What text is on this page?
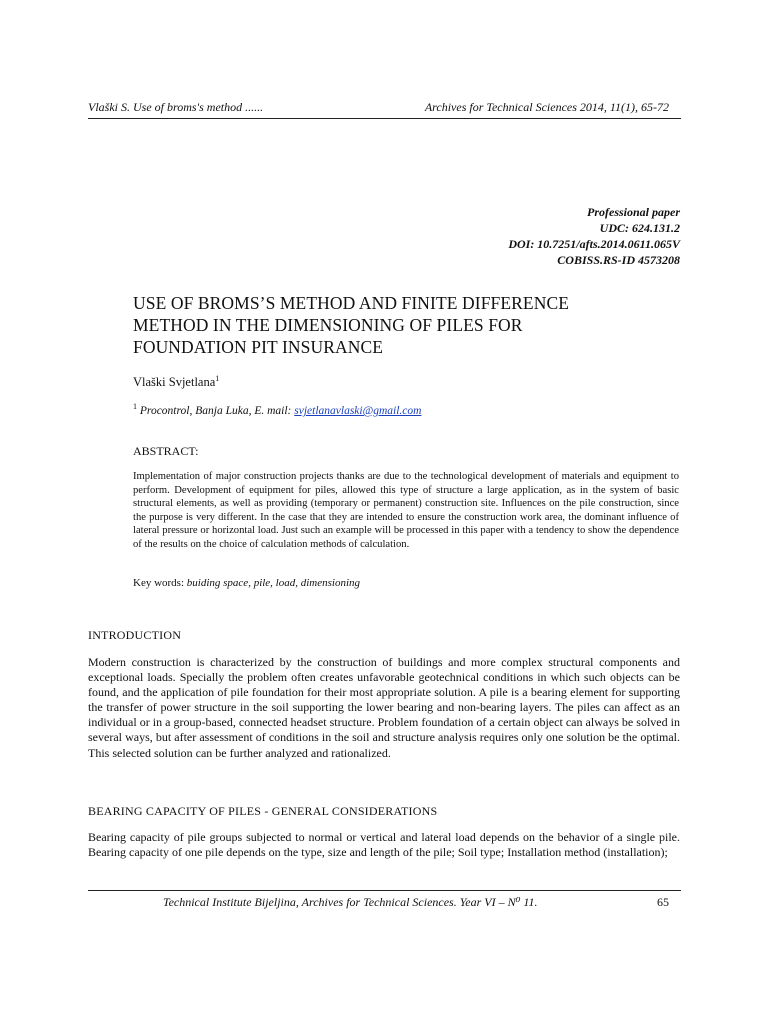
Vlaški S. Use of broms's method ......	Archives for Technical Sciences 2014, 11(1), 65-72
Professional paper
UDC: 624.131.2
DOI: 10.7251/afts.2014.0611.065V
COBISS.RS-ID 4573208
USE OF BROMS’S METHOD AND FINITE DIFFERENCE
METHOD IN THE DIMENSIONING OF PILES FOR
FOUNDATION PIT INSURANCE
Vlaški Svjetlana$^1$
$^1$ Procontrol, Banja Luka, E. mail: svjetlanavlaski@gmail.com
ABSTRACT:

Implementation of major construction projects thanks are due to the technological development of materials and equipment to perform. Development of equipment for piles, allowed this type of structure a large application, as in the system of basic structural elements, as well as providing (temporary or permanent) construction site. Influences on the pile construction, since the purpose is very different. In the case that they are intended to ensure the construction work area, the dominant influence of lateral pressure or horizontal load. Just such an example will be processed in this paper with a tendency to show the dependence of the results on the choice of calculation methods of calculation.

Key words: buiding space, pile, load, dimensioning
INTRODUCTION

Modern construction is characterized by the construction of buildings and more complex structural components and exceptional loads. Specially the problem often creates unfavorable geotechnical conditions in which such objects can be found, and the application of pile foundation for their most appropriate solution. A pile is a bearing element for supporting the transfer of power structure in the soil supporting the lower bearing and non-bearing layers. The piles can affect as an individual or in a group-based, connected headset structure. Problem foundation of a certain object can always be solved in several ways, but after assessment of conditions in the soil and structure analysis requires only one solution be the optimal. This selected solution can be further analyzed and rationalized.

BEARING CAPACITY OF PILES - GENERAL CONSIDERATIONS

Bearing capacity of pile groups subjected to normal or vertical and lateral load depends on the behavior of a single pile. Bearing capacity of one pile depends on the type, size and length of the pile; Soil type; Installation method (installation);

Technical Institute Bijeljina, Archives for Technical Sciences. Year VI – N⁰ 11.	65
